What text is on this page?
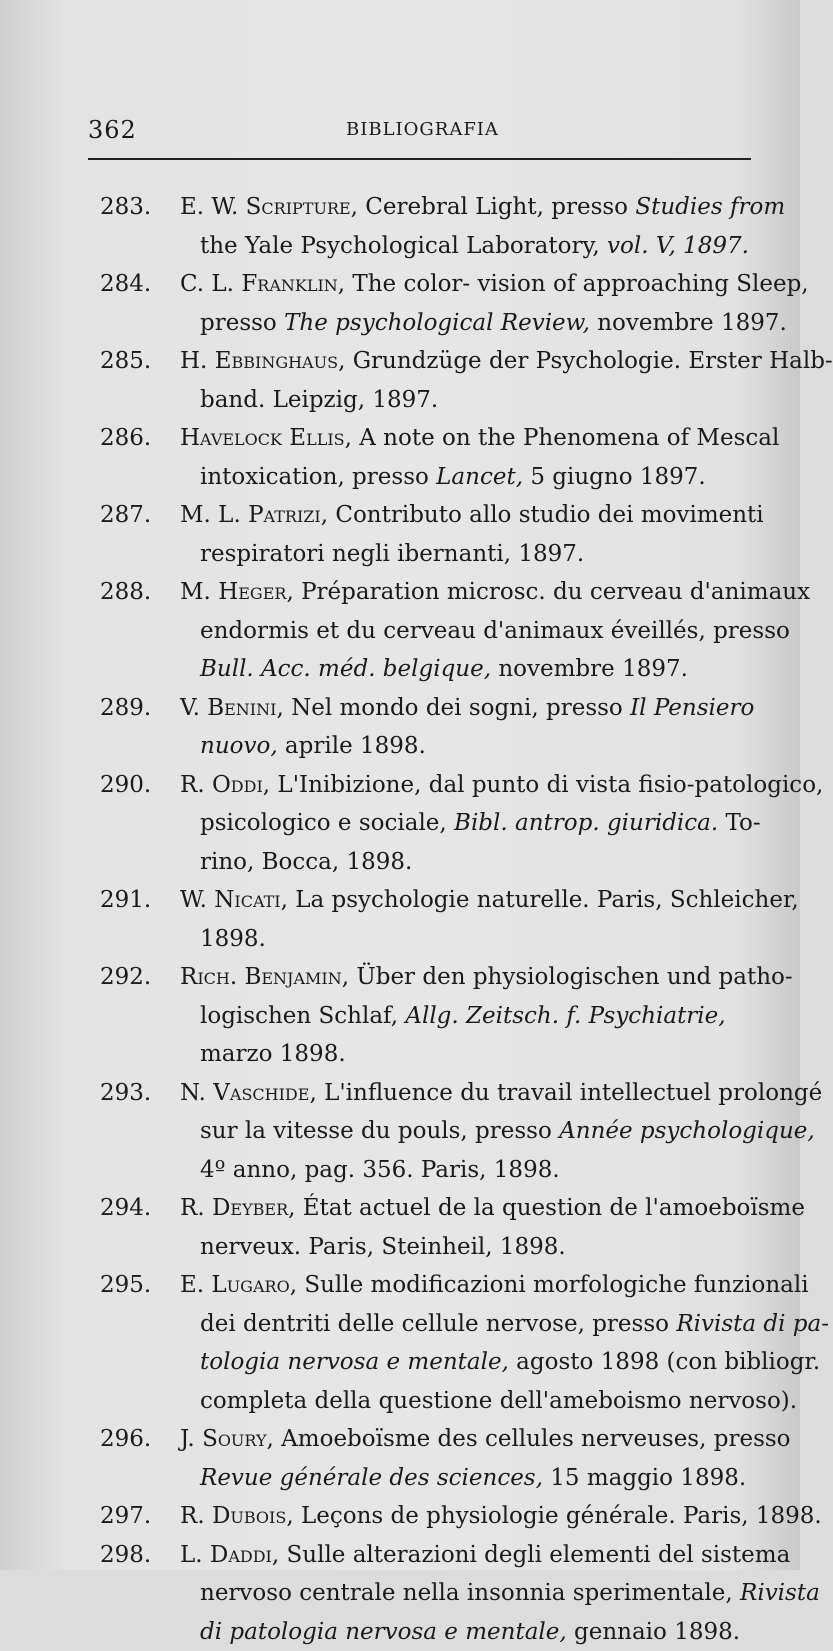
362	BIBLIOGRAFIA
283. E. W. Scripture, Cerebral Light, presso Studies from
the Yale Psychological Laboratory, vol. V, 1897.
284. C. L. Franklin, The color- vision of approaching Sleep,
presso The psychological Review, novembre 1897.
285. H. Ebbinghaus, Grundzüge der Psychologie. Erster Halb-
band. Leipzig, 1897.
286. Havelock Ellis, A note on the Phenomena of Mescal
intoxication, presso Lancet, 5 giugno 1897.
287. M. L. Patrizi, Contributo allo studio dei movimenti
respiratori negli ibernanti, 1897.
288. M. Heger, Préparation microsc. du cerveau d'animaux
endormis et du cerveau d'animaux éveillés, presso
Bull. Acc. méd. belgique, novembre 1897.
289. V. Benini, Nel mondo dei sogni, presso Il Pensiero
nuovo, aprile 1898.
290. R. Oddi, L'Inibizione, dal punto di vista fisio-patologico,
psicologico e sociale, Bibl. antrop. giuridica. To-
rino, Bocca, 1898.
291. W. Nicati, La psychologie naturelle. Paris, Schleicher,
1898.
292. Rich. Benjamin, Über den physiologischen und patho-
logischen Schlaf, Allg. Zeitsch. f. Psychiatrie,
marzo 1898.
293. N. Vaschide, L'influence du travail intellectuel prolongé
sur la vitesse du pouls, presso Année psychologique,
4º anno, pag. 356. Paris, 1898.
294. R. Deyber, État actuel de la question de l'amoeboïsme
nerveux. Paris, Steinheil, 1898.
295. E. Lugaro, Sulle modificazioni morfologiche funzionali
dei dentriti delle cellule nervose, presso Rivista di pa-
tologia nervosa e mentale, agosto 1898 (con bibliogr.
completa della questione dell'ameboismo nervoso).
296. J. Soury, Amoeboïsme des cellules nerveuses, presso
Revue générale des sciences, 15 maggio 1898.
297. R. Dubois, Leçons de physiologie générale. Paris, 1898.
298. L. Daddi, Sulle alterazioni degli elementi del sistema
nervoso centrale nella insonnia sperimentale, Rivista
di patologia nervosa e mentale, gennaio 1898.
